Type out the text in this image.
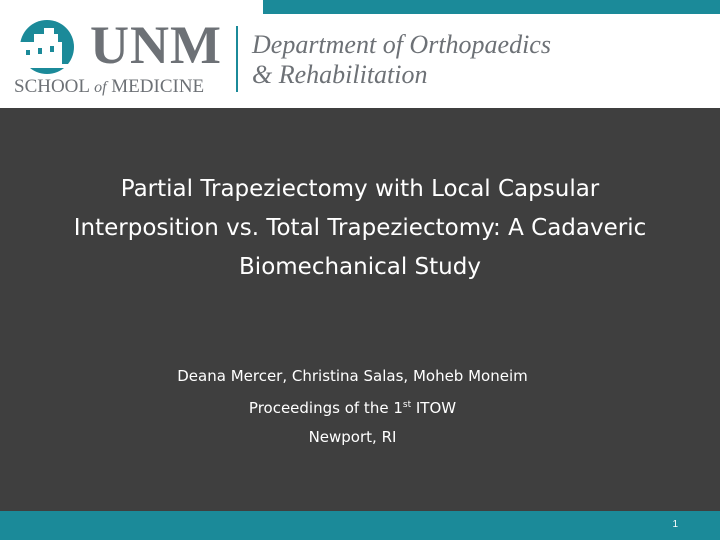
UNM
SCHOOL of MEDICINE
Department of Orthopaedics
& Rehabilitation
Partial Trapeziectomy with Local Capsular
Interposition vs. Total Trapeziectomy: A Cadaveric
Biomechanical Study
Deana Mercer, Christina Salas, Moheb Moneim
Proceedings of the 1st ITOW
Newport, RI
1
